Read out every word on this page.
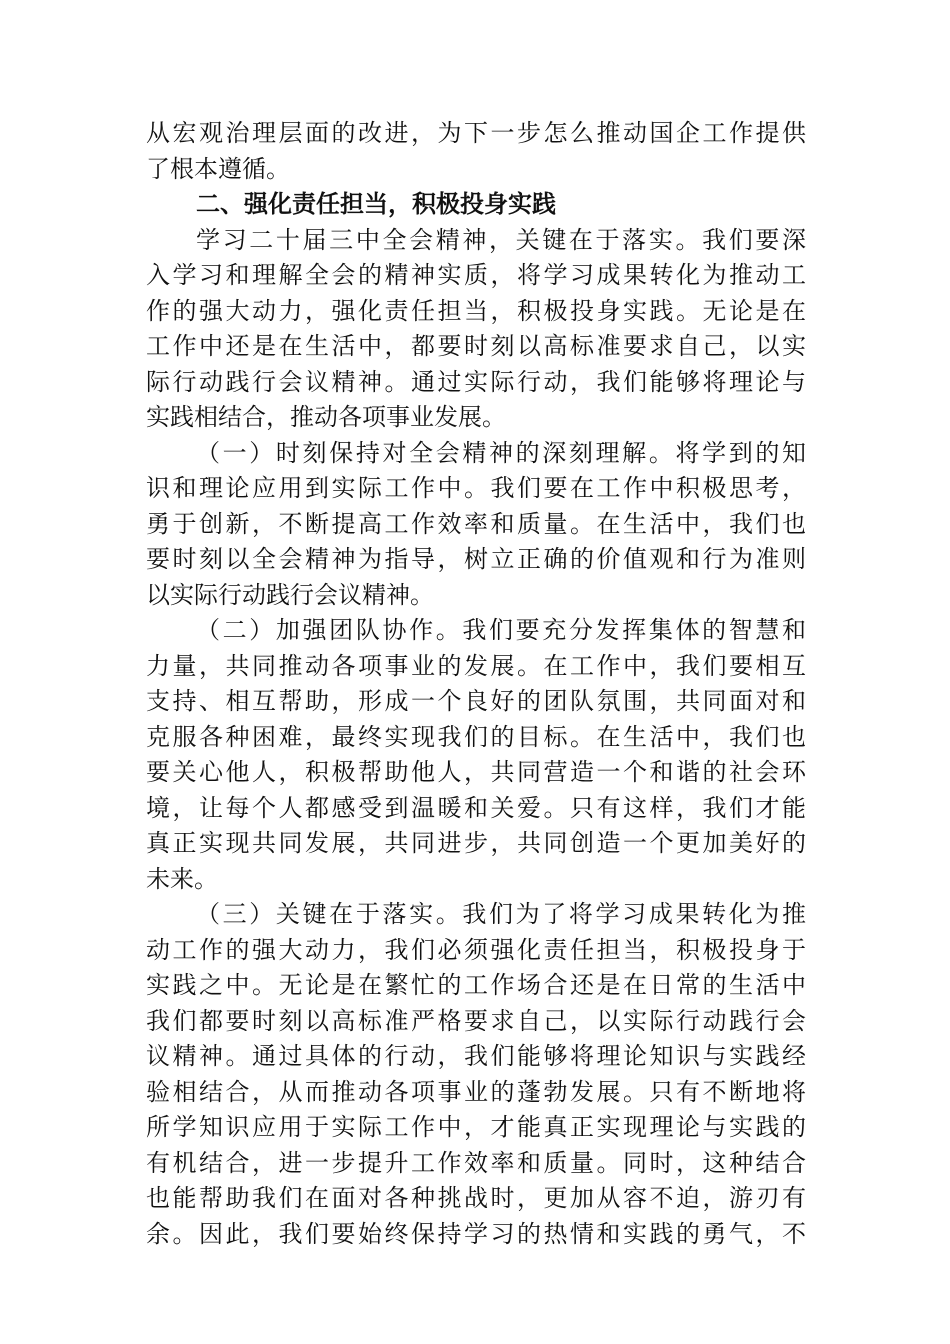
从宏观治理层面的改进，为下一步怎么推动国企工作提供
了根本遵循。
二、强化责任担当，积极投身实践
学习二十届三中全会精神，关键在于落实。我们要深
入学习和理解全会的精神实质，将学习成果转化为推动工
作的强大动力，强化责任担当，积极投身实践。无论是在
工作中还是在生活中，都要时刻以高标准要求自己，以实
际行动践行会议精神。通过实际行动，我们能够将理论与
实践相结合，推动各项事业发展。
（一）时刻保持对全会精神的深刻理解。将学到的知
识和理论应用到实际工作中。我们要在工作中积极思考，
勇于创新，不断提高工作效率和质量。在生活中，我们也
要时刻以全会精神为指导，树立正确的价值观和行为准则
以实际行动践行会议精神。
（二）加强团队协作。我们要充分发挥集体的智慧和
力量，共同推动各项事业的发展。在工作中，我们要相互
支持、相互帮助，形成一个良好的团队氛围，共同面对和
克服各种困难，最终实现我们的目标。在生活中，我们也
要关心他人，积极帮助他人，共同营造一个和谐的社会环
境，让每个人都感受到温暖和关爱。只有这样，我们才能
真正实现共同发展，共同进步，共同创造一个更加美好的
未来。
（三）关键在于落实。我们为了将学习成果转化为推
动工作的强大动力，我们必须强化责任担当，积极投身于
实践之中。无论是在繁忙的工作场合还是在日常的生活中
我们都要时刻以高标准严格要求自己，以实际行动践行会
议精神。通过具体的行动，我们能够将理论知识与实践经
验相结合，从而推动各项事业的蓬勃发展。只有不断地将
所学知识应用于实际工作中，才能真正实现理论与实践的
有机结合，进一步提升工作效率和质量。同时，这种结合
也能帮助我们在面对各种挑战时，更加从容不迫，游刃有
余。因此，我们要始终保持学习的热情和实践的勇气，不
